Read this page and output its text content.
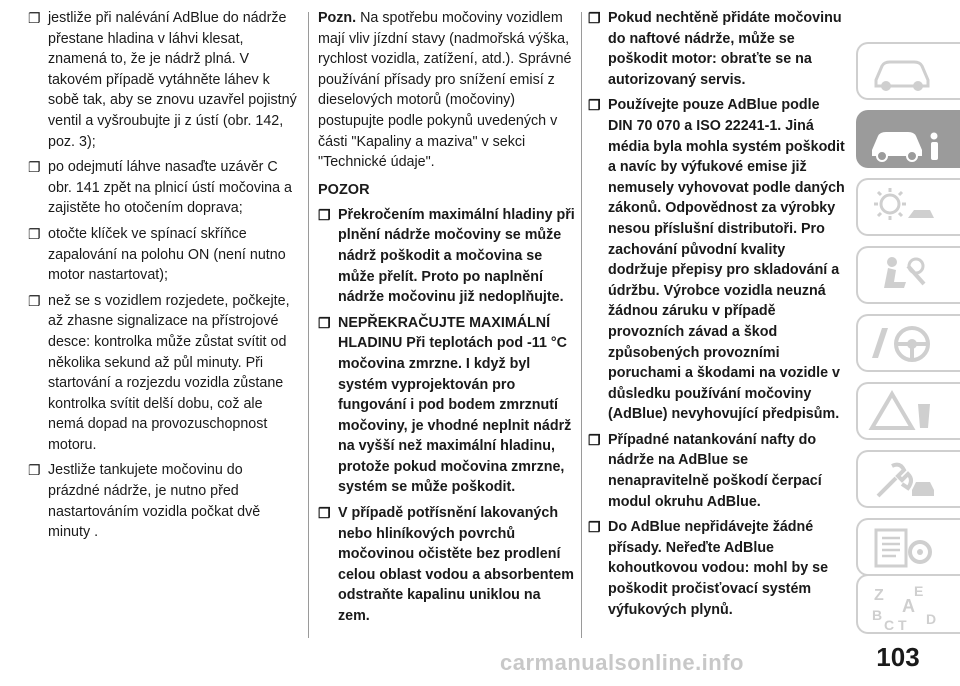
❐ jestliže při nalévání AdBlue do nádrže přestane hladina v láhvi klesat, znamená to, že je nádrž plná. V takovém případě vytáhněte láhev k sobě tak, aby se znovu uzavřel pojistný ventil a vyšroubujte ji z ústí (obr. 142, poz. 3);
❐ po odejmutí láhve nasaďte uzávěr C obr. 141 zpět na plnicí ústí močovina a zajistěte ho otočením doprava;
❐ otočte klíček ve spínací skříňce zapalování na polohu ON (není nutno motor nastartovat);
❐ než se s vozidlem rozjedete, počkejte, až zhasne signalizace na přístrojové desce: kontrolka může zůstat svítit od několika sekund až půl minuty. Při startování a rozjezdu vozidla zůstane kontrolka svítit delší dobu, což ale nemá dopad na provozuschopnost motoru.
❐ Jestliže tankujete močovinu do prázdné nádrže, je nutno před nastartováním vozidla počkat dvě minuty .
Pozn. Na spotřebu močoviny vozidlem mají vliv jízdní stavy (nadmořská výška, rychlost vozidla, zatížení, atd.). Správné používání přísady pro snížení emisí z dieselových motorů (močoviny) postupujte podle pokynů uvedených v části "Kapaliny a maziva" v sekci "Technické údaje".
POZOR
❐ Překročením maximální hladiny při plnění nádrže močoviny se může nádrž poškodit a močovina se může přelít. Proto po naplnění nádrže močovinu již nedoplňujte.
❐ NEPŘEKRAČUJTE MAXIMÁLNÍ HLADINU Při teplotách pod -11 °C močovina zmrzne. I když byl systém vyprojektován pro fungování i pod bodem zmrznutí močoviny, je vhodné neplnit nádrž na vyšší než maximální hladinu, protože pokud močovina zmrzne, systém se může poškodit.
❐ V případě potřísnění lakovaných nebo hliníkových povrchů močovinou očistěte bez prodlení celou oblast vodou a absorbentem odstraňte kapalinu uniklou na zem.
❐ Pokud nechtěně přidáte močovinu do naftové nádrže, může se poškodit motor: obraťte se na autorizovaný servis.
❐ Používejte pouze AdBlue podle DIN 70 070 a ISO 22241-1. Jiná média byla mohla systém poškodit a navíc by výfukové emise již nemusely vyhovovat podle daných zákonů. Odpovědnost za výrobky nesou příslušní distributoři. Pro zachování původní kvality dodržuje přepisy pro skladování a údržbu. Výrobce vozidla neuzná žádnou záruku v případě provozních závad a škod způsobených provozními poruchami a škodami na vozidle v důsledku používání močoviny (AdBlue) nevyhovující předpisům.
❐ Případné natankování nafty do nádrže na AdBlue se nenapravitelně poškodí čerpací modul okruhu AdBlue.
❐ Do AdBlue nepřidávejte žádné přísady. Neřeďte AdBlue kohoutkovou vodou: mohl by se poškodit pročisťovací systém výfukových plynů.
Z E
A
B	D
C T
103
carmanualsonline.info
